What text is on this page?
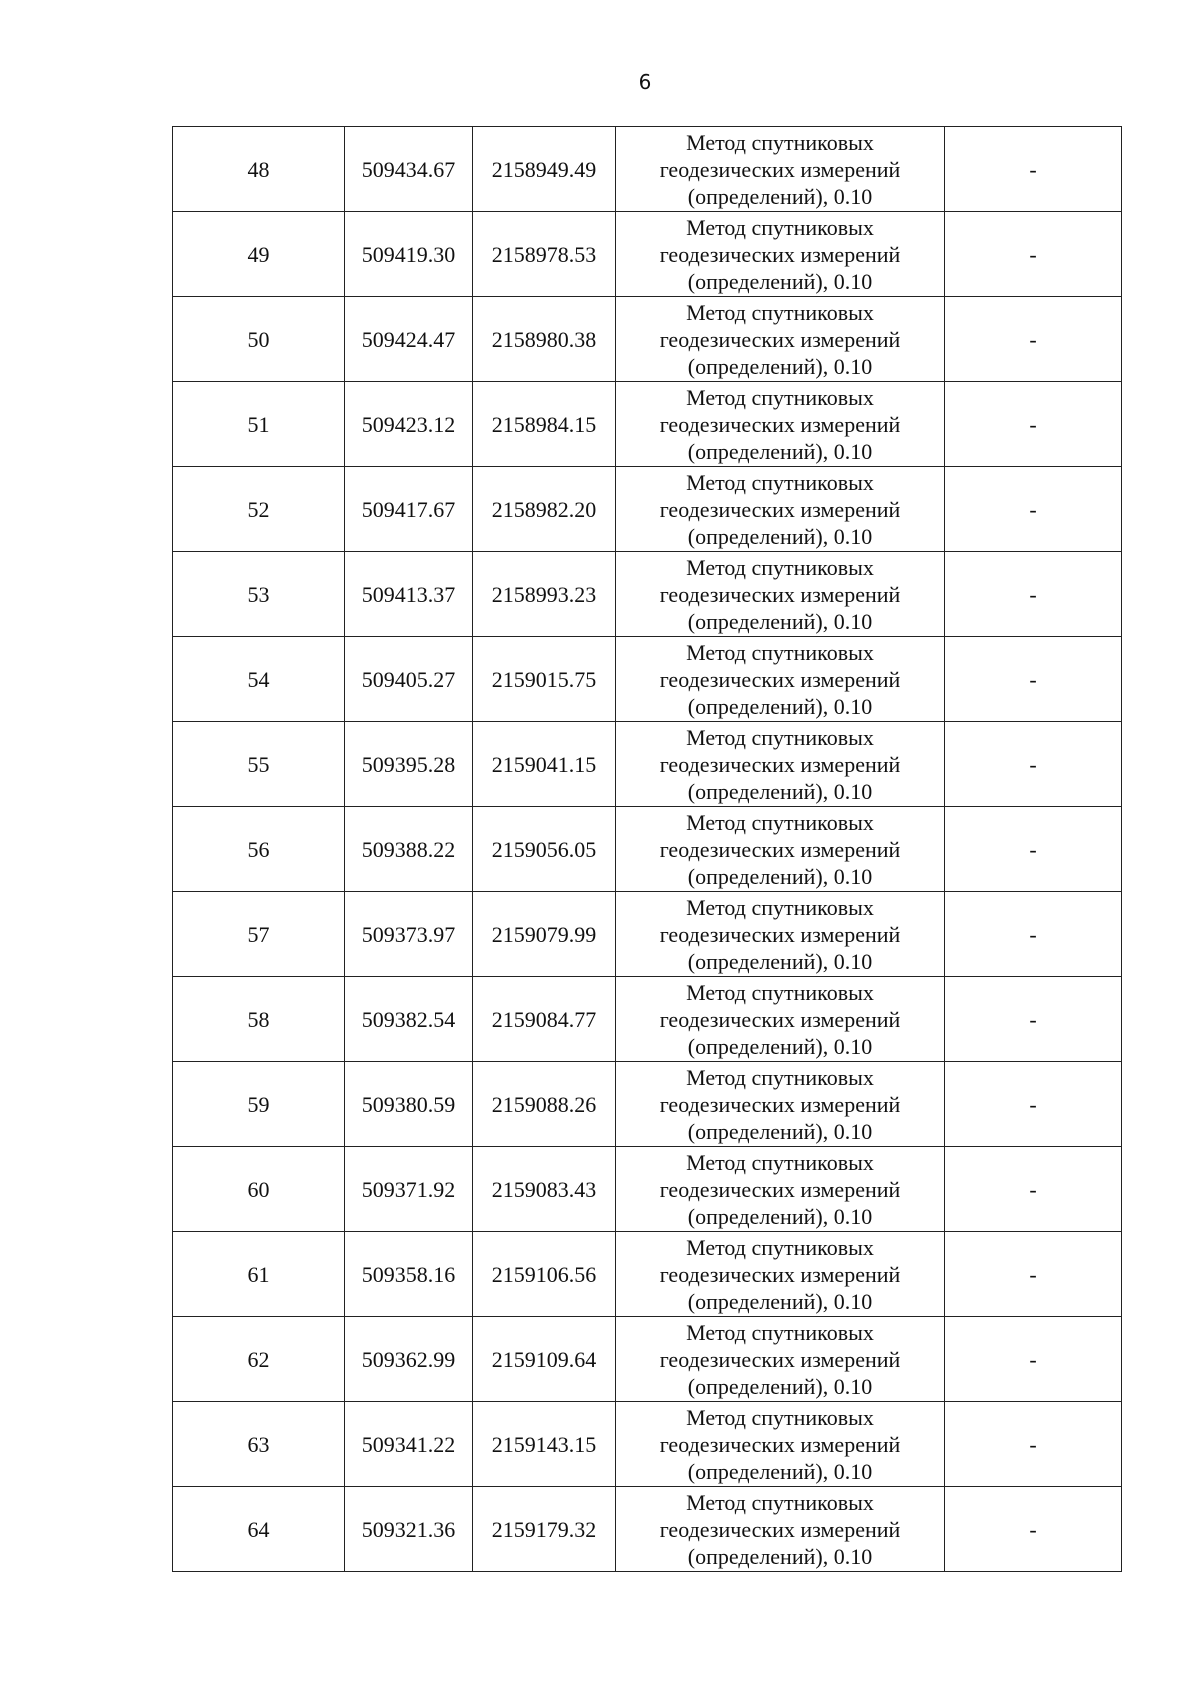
6
48	509434.67	2158949.49	Метод спутниковых
геодезических измерений
(определений), 0.10	-
49	509419.30	2158978.53	Метод спутниковых
геодезических измерений
(определений), 0.10	-
50	509424.47	2158980.38	Метод спутниковых
геодезических измерений
(определений), 0.10	-
51	509423.12	2158984.15	Метод спутниковых
геодезических измерений
(определений), 0.10	-
52	509417.67	2158982.20	Метод спутниковых
геодезических измерений
(определений), 0.10	-
53	509413.37	2158993.23	Метод спутниковых
геодезических измерений
(определений), 0.10	-
54	509405.27	2159015.75	Метод спутниковых
геодезических измерений
(определений), 0.10	-
55	509395.28	2159041.15	Метод спутниковых
геодезических измерений
(определений), 0.10	-
56	509388.22	2159056.05	Метод спутниковых
геодезических измерений
(определений), 0.10	-
57	509373.97	2159079.99	Метод спутниковых
геодезических измерений
(определений), 0.10	-
58	509382.54	2159084.77	Метод спутниковых
геодезических измерений
(определений), 0.10	-
59	509380.59	2159088.26	Метод спутниковых
геодезических измерений
(определений), 0.10	-
60	509371.92	2159083.43	Метод спутниковых
геодезических измерений
(определений), 0.10	-
61	509358.16	2159106.56	Метод спутниковых
геодезических измерений
(определений), 0.10	-
62	509362.99	2159109.64	Метод спутниковых
геодезических измерений
(определений), 0.10	-
63	509341.22	2159143.15	Метод спутниковых
геодезических измерений
(определений), 0.10	-
64	509321.36	2159179.32	Метод спутниковых
геодезических измерений
(определений), 0.10	-
